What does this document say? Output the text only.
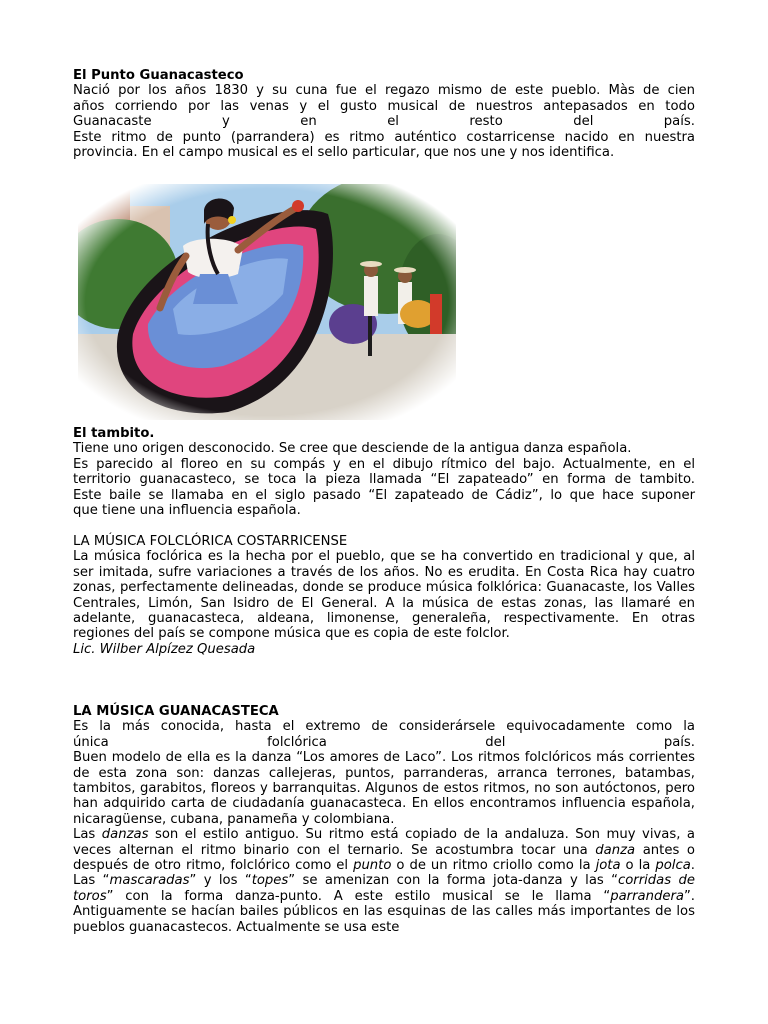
El Punto Guanacasteco

Nació por los años 1830 y su cuna fue el regazo mismo de este pueblo. Màs de cien

años corriendo por las venas y el gusto musical de nuestros antepasados en todo

Guanacaste y en el resto del país.

Este ritmo de punto (parrandera) es ritmo auténtico costarricense nacido en nuestra

provincia. En el campo musical es el sello particular, que nos une y nos identifica.

El tambito.

Tiene uno origen desconocido. Se cree que desciende de la antigua danza española.

Es parecido al floreo en su compás y en el dibujo rítmico del bajo. Actualmente, en el

territorio guanacasteco, se toca la pieza llamada “El zapateado” en forma de tambito.

Este baile se llamaba en el siglo pasado “El zapateado de Cádiz”, lo que hace suponer

que tiene una influencia española.

LA MÚSICA FOLCLÓRICA COSTARRICENSE

La música foclórica es la hecha por el pueblo, que se ha convertido en tradicional y que, al ser imitada, sufre variaciones a través de los años. No es erudita. En Costa Rica hay cuatro zonas, perfectamente delineadas, donde se produce música folklórica: Guanacaste, los Valles Centrales, Limón, San Isidro de El General. A la música de estas zonas, las llamaré en adelante, guanacasteca, aldeana, limonense, generaleña, respectivamente. En otras regiones del país se compone música que es copia de este folclor.

Lic. Wilber Alpízez Quesada

LA MÚSICA GUANACASTECA

Es la más conocida, hasta el extremo de considerársele equivocadamente como la

única folclórica del país.

Buen modelo de ella es la danza “Los amores de Laco”. Los ritmos folclóricos más corrientes de esta zona son: danzas callejeras, puntos, parranderas, arranca terrones, batambas, tambitos, garabitos, floreos y barranquitas. Algunos de estos ritmos, no son autóctonos, pero han adquirido carta de ciudadanía guanacasteca. En ellos encontramos influencia española, nicaragüense, cubana, panameña y colombiana.

Las danzas son el estilo antiguo. Su ritmo está copiado de la andaluza. Son muy vivas, a veces alternan el ritmo binario con el ternario. Se acostumbra tocar una danza antes o después de otro ritmo, folclórico como el punto o de un ritmo criollo como la jota o la polca. Las “mascaradas” y los “topes” se amenizan con la forma jota-danza y las “corridas de toros” con la forma danza-punto. A este estilo musical se le llama “parrandera”. Antiguamente se hacían bailes públicos en las esquinas de las calles más importantes de los pueblos guanacastecos. Actualmente se usa este
